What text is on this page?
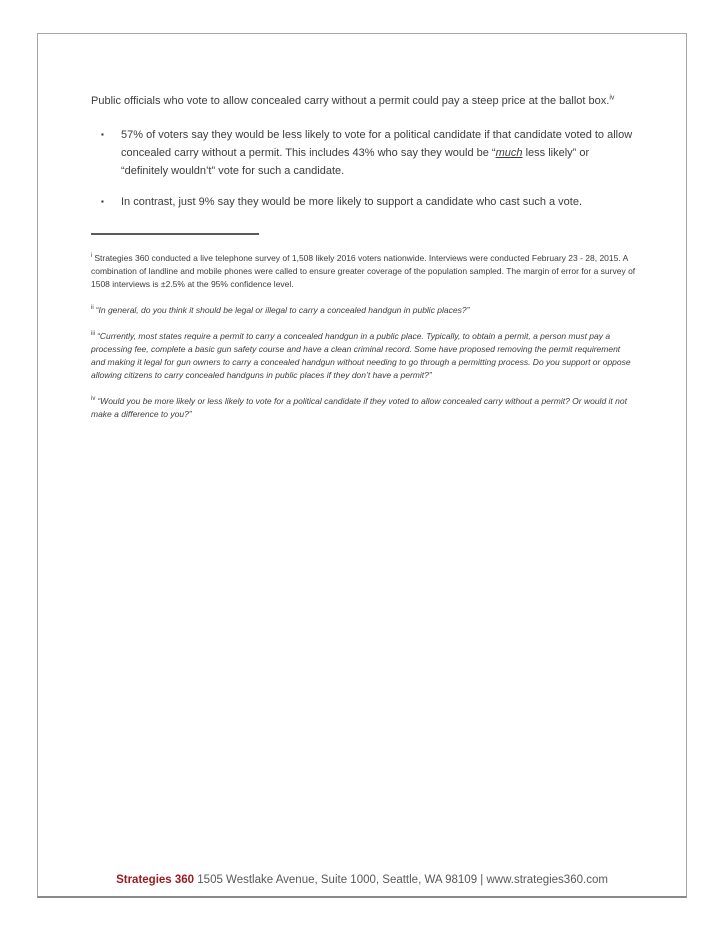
Public officials who vote to allow concealed carry without a permit could pay a steep price at the ballot box.$^{iv}$

▪ 57% of voters say they would be less likely to vote for a political candidate if that candidate voted to allow concealed carry without a permit. This includes 43% who say they would be “much less likely” or “definitely wouldn’t” vote for such a candidate.
▪ In contrast, just 9% say they would be more likely to support a candidate who cast such a vote.

$^i$ Strategies 360 conducted a live telephone survey of 1,508 likely 2016 voters nationwide. Interviews were conducted February 23 - 28, 2015. A combination of landline and mobile phones were called to ensure greater coverage of the population sampled. The margin of error for a survey of 1508 interviews is ±2.5% at the 95% confidence level.

$^{ii}$ “In general, do you think it should be legal or illegal to carry a concealed handgun in public places?”

$^{iii}$ “Currently, most states require a permit to carry a concealed handgun in a public place. Typically, to obtain a permit, a person must pay a processing fee, complete a basic gun safety course and have a clean criminal record. Some have proposed removing the permit requirement and making it legal for gun owners to carry a concealed handgun without needing to go through a permitting process. Do you support or oppose allowing citizens to carry concealed handguns in public places if they don’t have a permit?”

$^{iv}$ “Would you be more likely or less likely to vote for a political candidate if they voted to allow concealed carry without a permit? Or would it not make a difference to you?”

Strategies 360 1505 Westlake Avenue, Suite 1000, Seattle, WA 98109 | www.strategies360.com
